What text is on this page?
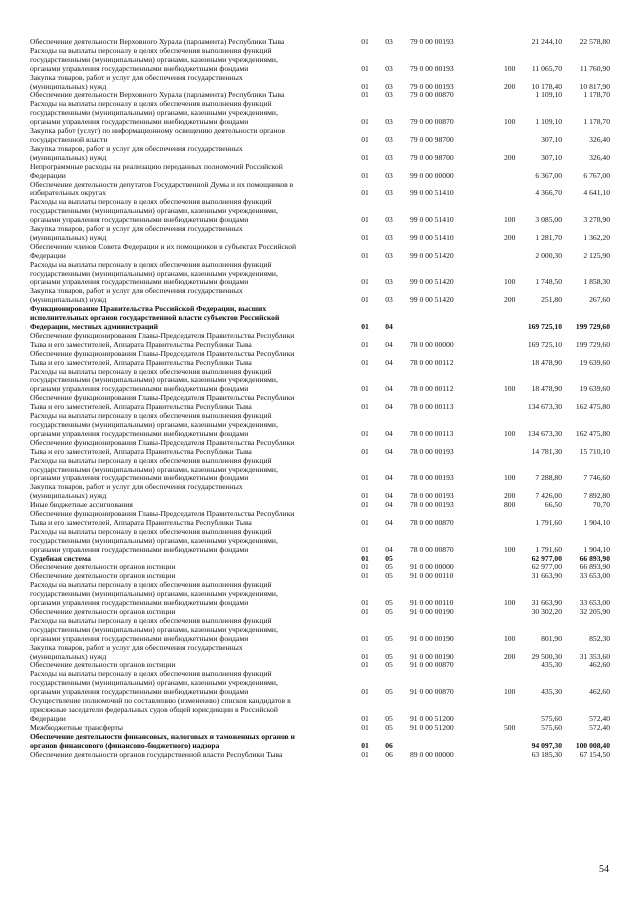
Обеспечение деятельности Верховного Хурала (парламента) Республики Тыва	01	03	79 0 00 00193	21 244,10	22 578,80
Расходы на выплаты персоналу в целях обеспечения выполнения функций
государственными (муниципальными) органами, казенными учреждениями,
органами управления государственными внебюджетными фондами	01	03	79 0 00 00193	100	11 065,70	11 760,90
Закупка товаров, работ и услуг для обеспечения государственных
(муниципальных) нужд	01	03	79 0 00 00193	200	10 178,40	10 817,90
Обеспечение деятельности Верховного Хурала (парламента) Республики Тыва	01	03	79 0 00 00870	1 109,10	1 178,70
Расходы на выплаты персоналу в целях обеспечения выполнения функций
государственными (муниципальными) органами, казенными учреждениями,
органами управления государственными внебюджетными фондами	01	03	79 0 00 00870	100	1 109,10	1 178,70
Закупка работ (услуг) по информационному освещению деятельности органов
государственной власти	01	03	79 0 00 98700	307,10	326,40
Закупка товаров, работ и услуг для обеспечения государственных
(муниципальных) нужд	01	03	79 0 00 98700	200	307,10	326,40
Непрограммные расходы на реализацию переданных полномочий Российской
Федерации	01	03	99 0 00 00000	6 367,00	6 767,00
Обеспечение деятельности депутатов Государственной Думы и их помощников в
избирательных округах	01	03	99 0 00 51410	4 366,70	4 641,10
Расходы на выплаты персоналу в целях обеспечения выполнения функций
государственными (муниципальными) органами, казенными учреждениями,
органами управления государственными внебюджетными фондами	01	03	99 0 00 51410	100	3 085,00	3 278,90
Закупка товаров, работ и услуг для обеспечения государственных
(муниципальных) нужд	01	03	99 0 00 51410	200	1 281,70	1 362,20
Обеспечение членов Совета Федерации и их помощников в субъектах Российской
Федерации	01	03	99 0 00 51420	2 000,30	2 125,90
Расходы на выплаты персоналу в целях обеспечения выполнения функций
государственными (муниципальными) органами, казенными учреждениями,
органами управления государственными внебюджетными фондами	01	03	99 0 00 51420	100	1 748,50	1 858,30
Закупка товаров, работ и услуг для обеспечения государственных
(муниципальных) нужд	01	03	99 0 00 51420	200	251,80	267,60
Функционирование Правительства Российской Федерации, высших
исполнительных органов государственной власти субъектов Российской
Федерации, местных администраций	01	04	169 725,10	199 729,60
Обеспечение функционирования Главы-Председателя Правительства Республики
Тыва и его заместителей, Аппарата Правительства Республики Тыва	01	04	78 0 00 00000	169 725,10	199 729,60
Обеспечение функционирования Главы-Председателя Правительства Республики
Тыва и его заместителей, Аппарата Правительства Республики Тыва	01	04	78 0 00 00112	18 478,90	19 639,60
Расходы на выплаты персоналу в целях обеспечения выполнения функций
государственными (муниципальными) органами, казенными учреждениями,
органами управления государственными внебюджетными фондами	01	04	78 0 00 00112	100	18 478,90	19 639,60
Обеспечение функционирования Главы-Председателя Правительства Республики
Тыва и его заместителей, Аппарата Правительства Республики Тыва	01	04	78 0 00 00113	134 673,30	162 475,80
Расходы на выплаты персоналу в целях обеспечения выполнения функций
государственными (муниципальными) органами, казенными учреждениями,
органами управления государственными внебюджетными фондами	01	04	78 0 00 00113	100	134 673,30	162 475,80
Обеспечение функционирования Главы-Председателя Правительства Республики
Тыва и его заместителей, Аппарата Правительства Республики Тыва	01	04	78 0 00 00193	14 781,30	15 710,10
Расходы на выплаты персоналу в целях обеспечения выполнения функций
государственными (муниципальными) органами, казенными учреждениями,
органами управления государственными внебюджетными фондами	01	04	78 0 00 00193	100	7 288,80	7 746,60
Закупка товаров, работ и услуг для обеспечения государственных
(муниципальных) нужд	01	04	78 0 00 00193	200	7 426,00	7 892,80
Иные бюджетные ассигнования	01	04	78 0 00 00193	800	66,50	70,70
Обеспечение функционирования Главы-Председателя Правительства Республики
Тыва и его заместителей, Аппарата Правительства Республики Тыва	01	04	78 0 00 00870	1 791,60	1 904,10
Расходы на выплаты персоналу в целях обеспечения выполнения функций
государственными (муниципальными) органами, казенными учреждениями,
органами управления государственными внебюджетными фондами	01	04	78 0 00 00870	100	1 791,60	1 904,10
Судебная система	01	05	62 977,00	66 893,90
Обеспечение деятельности органов юстиции	01	05	91 0 00 00000	62 977,00	66 893,90
Обеспечение деятельности органов юстиции	01	05	91 0 00 00110	31 663,90	33 653,00
Расходы на выплаты персоналу в целях обеспечения выполнения функций
государственными (муниципальными) органами, казенными учреждениями,
органами управления государственными внебюджетными фондами	01	05	91 0 00 00110	100	31 663,90	33 653,00
Обеспечение деятельности органов юстиции	01	05	91 0 00 00190	30 302,20	32 205,90
Расходы на выплаты персоналу в целях обеспечения выполнения функций
государственными (муниципальными) органами, казенными учреждениями,
органами управления государственными внебюджетными фондами	01	05	91 0 00 00190	100	801,90	852,30
Закупка товаров, работ и услуг для обеспечения государственных
(муниципальных) нужд	01	05	91 0 00 00190	200	29 500,30	31 353,60
Обеспечение деятельности органов юстиции	01	05	91 0 00 00870	435,30	462,60
Расходы на выплаты персоналу в целях обеспечения выполнения функций
государственными (муниципальными) органами, казенными учреждениями,
органами управления государственными внебюджетными фондами	01	05	91 0 00 00870	100	435,30	462,60
Осуществление полномочий по составлению (изменению) списков кандидатов в
присяжные заседатели федеральных судов общей юрисдикции в Российской
Федерации	01	05	91 0 00 51200	575,60	572,40
Межбюджетные трансферты	01	05	91 0 00 51200	500	575,60	572,40
Обеспечение деятельности финансовых, налоговых и таможенных органов и
органов финансового (финансово-бюджетного) надзора	01	06	94 097,30	100 008,40
Обеспечение деятельности органов государственной власти Республики Тыва	01	06	89 0 00 00000	63 185,30	67 154,50
54
